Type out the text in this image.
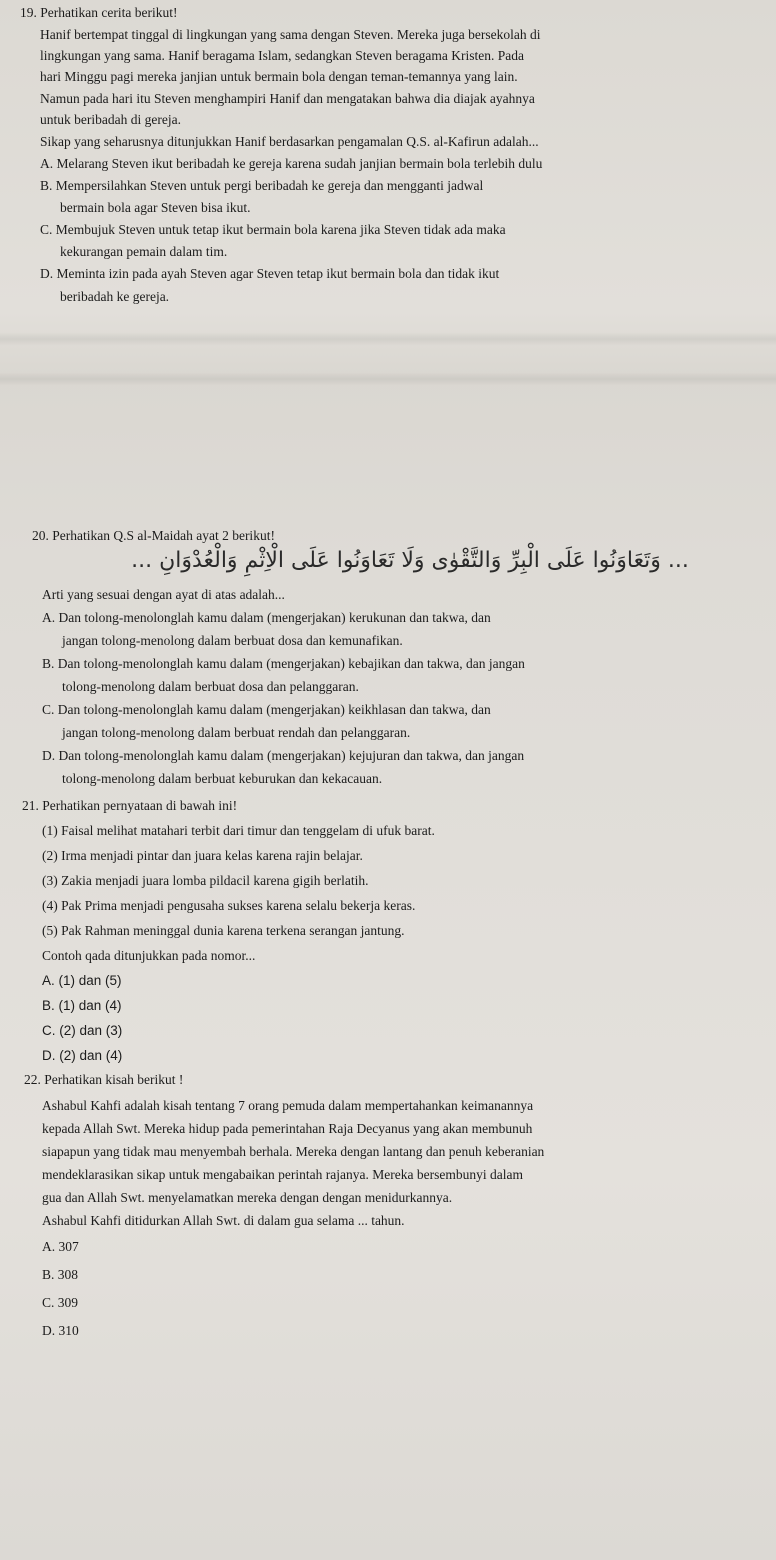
19. Perhatikan cerita berikut!
Hanif bertempat tinggal di lingkungan yang sama dengan Steven. Mereka juga bersekolah di
lingkungan yang sama. Hanif beragama Islam, sedangkan Steven beragama Kristen. Pada
hari Minggu pagi mereka janjian untuk bermain bola dengan teman-temannya yang lain.
Namun pada hari itu Steven menghampiri Hanif dan mengatakan bahwa dia diajak ayahnya
untuk beribadah di gereja.
Sikap yang seharusnya ditunjukkan Hanif berdasarkan pengamalan Q.S. al-Kafirun adalah...
A. Melarang Steven ikut beribadah ke gereja karena sudah janjian bermain bola terlebih dulu
B. Mempersilahkan Steven untuk pergi beribadah ke gereja dan mengganti jadwal
bermain bola agar Steven bisa ikut.
C. Membujuk Steven untuk tetap ikut bermain bola karena jika Steven tidak ada maka
kekurangan pemain dalam tim.
D. Meminta izin pada ayah Steven agar Steven tetap ikut bermain bola dan tidak ikut
beribadah ke gereja.
20. Perhatikan Q.S al-Maidah ayat 2 berikut!
... وَتَعَاوَنُوا عَلَى الْبِرِّ وَالتَّقْوٰى وَلَا تَعَاوَنُوا عَلَى الْاِثْمِ وَالْعُدْوَانِ ...
Arti yang sesuai dengan ayat di atas adalah...
A. Dan tolong-menolonglah kamu dalam (mengerjakan) kerukunan dan takwa, dan
jangan tolong-menolong dalam berbuat dosa dan kemunafikan.
B. Dan tolong-menolonglah kamu dalam (mengerjakan) kebajikan dan takwa, dan jangan
tolong-menolong dalam berbuat dosa dan pelanggaran.
C. Dan tolong-menolonglah kamu dalam (mengerjakan) keikhlasan dan takwa, dan
jangan tolong-menolong dalam berbuat rendah dan pelanggaran.
D. Dan tolong-menolonglah kamu dalam (mengerjakan) kejujuran dan takwa, dan jangan
tolong-menolong dalam berbuat keburukan dan kekacauan.
21. Perhatikan pernyataan di bawah ini!
(1) Faisal melihat matahari terbit dari timur dan tenggelam di ufuk barat.
(2) Irma menjadi pintar dan juara kelas karena rajin belajar.
(3) Zakia menjadi juara lomba pildacil karena gigih berlatih.
(4) Pak Prima menjadi pengusaha sukses karena selalu bekerja keras.
(5) Pak Rahman meninggal dunia karena terkena serangan jantung.
Contoh qada ditunjukkan pada nomor...
A. (1) dan (5)
B. (1) dan (4)
C. (2) dan (3)
D. (2) dan (4)
22. Perhatikan kisah berikut !
Ashabul Kahfi adalah kisah tentang 7 orang pemuda dalam mempertahankan keimanannya
kepada Allah Swt. Mereka hidup pada pemerintahan Raja Decyanus yang akan membunuh
siapapun yang tidak mau menyembah berhala. Mereka dengan lantang dan penuh keberanian
mendeklarasikan sikap untuk mengabaikan perintah rajanya. Mereka bersembunyi dalam
gua dan Allah Swt. menyelamatkan mereka dengan dengan menidurkannya.
Ashabul Kahfi ditidurkan Allah Swt. di dalam gua selama ... tahun.
A. 307
B. 308
C. 309
D. 310
